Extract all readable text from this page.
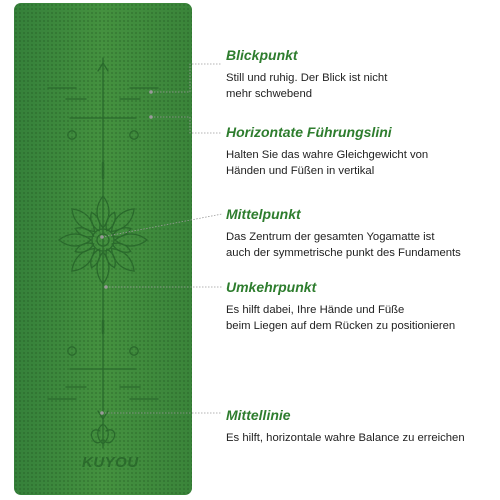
KUYOU
Blickpunkt

Still und ruhig. Der Blick ist nicht
mehr schwebend

Horizontate Führungslini

Halten Sie das wahre Gleichgewicht von
Händen und Füßen in vertikal

Mittelpunkt

Das Zentrum der gesamten Yogamatte ist
auch der symmetrische punkt des Fundaments

Umkehrpunkt

Es hilft dabei, Ihre Hände und Füße
beim Liegen auf dem Rücken zu positionieren

Mittellinie

Es hilft, horizontale wahre Balance zu erreichen
